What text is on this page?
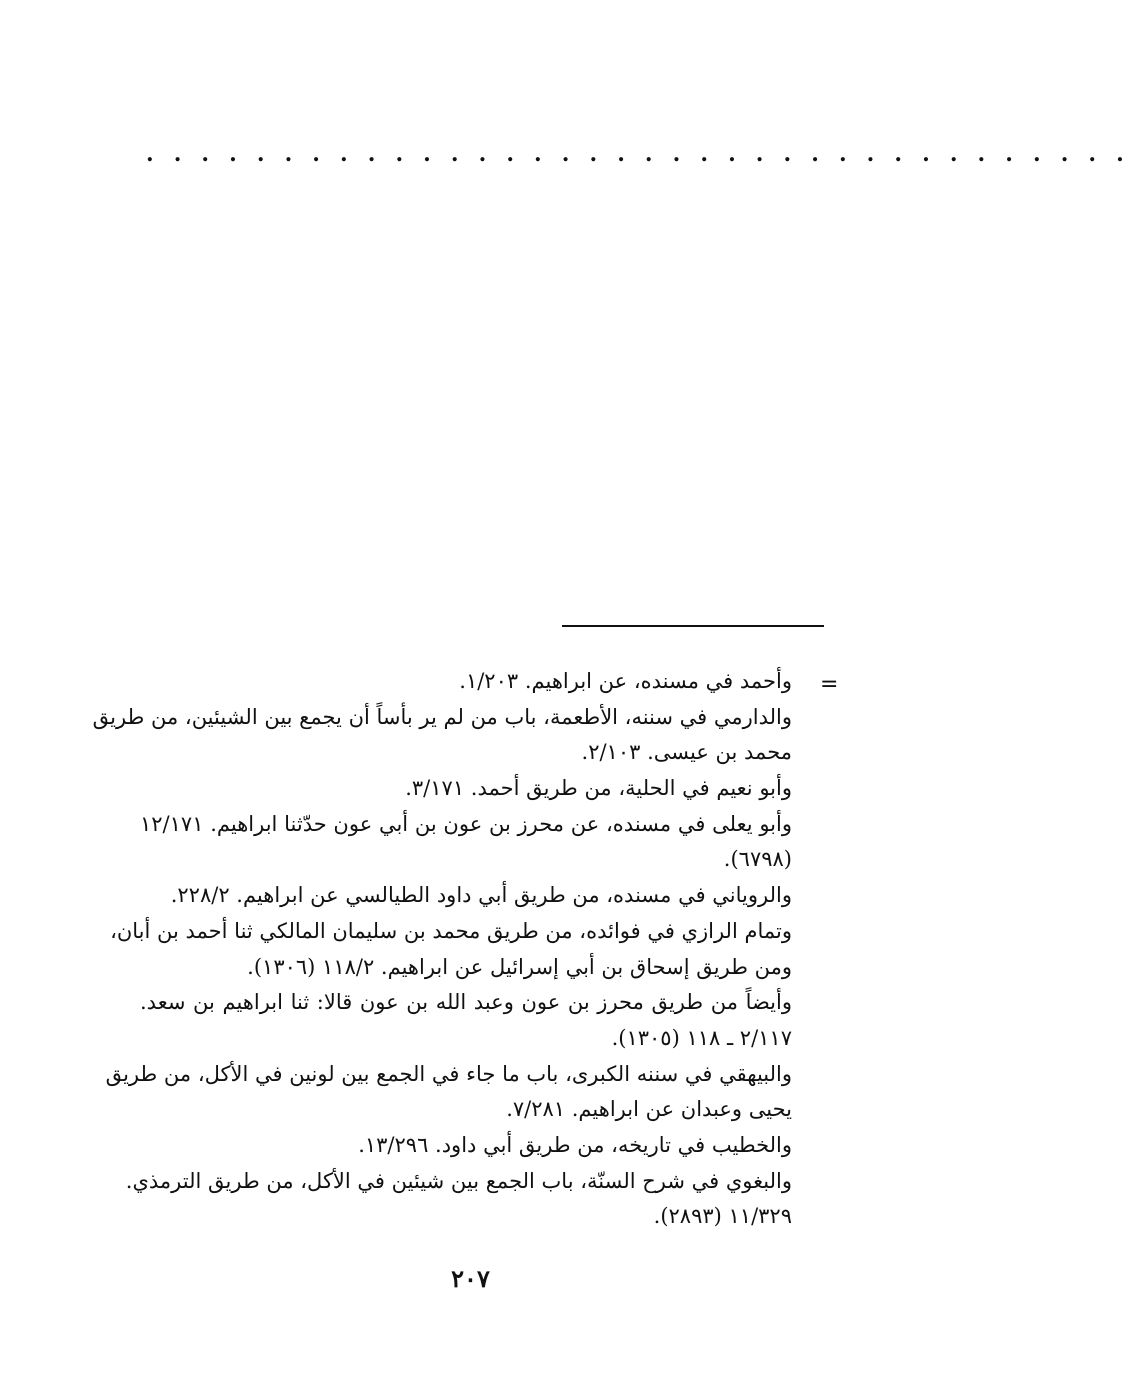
. . . . . . . . . . . . . . . . . . . . . . . . . . . . . . . . . . . .
=
وأحمد في مسنده، عن ابراهيم. ١/٢٠٣.
والدارمي في سننه، الأطعمة، باب من لم ير بأساً أن يجمع بين الشيئين، من طريق
محمد بن عيسى. ٢/١٠٣.
وأبو نعيم في الحلية، من طريق أحمد. ٣/١٧١.
وأبو يعلى في مسنده، عن محرز بن عون بن أبي عون حدّثنا ابراهيم. ١٢/١٧١
(٦٧٩٨).
والروياني في مسنده، من طريق أبي داود الطيالسي عن ابراهيم. ٢٢٨/٢.
وتمام الرازي في فوائده، من طريق محمد بن سليمان المالكي ثنا أحمد بن أبان،
ومن طريق إسحاق بن أبي إسرائيل عن ابراهيم. ١١٨/٢ (١٣٠٦).
وأيضاً من طريق محرز بن عون وعبد الله بن عون قالا: ثنا ابراهيم بن سعد.
٢/١١٧ ـ ١١٨ (١٣٠٥).
والبيهقي في سننه الكبرى، باب ما جاء في الجمع بين لونين في الأكل، من طريق
يحيى وعبدان عن ابراهيم. ٧/٢٨١.
والخطيب في تاريخه، من طريق أبي داود. ١٣/٢٩٦.
والبغوي في شرح السنّة، باب الجمع بين شيئين في الأكل، من طريق الترمذي.
١١/٣٢٩ (٢٨٩٣).
٢٠٧
